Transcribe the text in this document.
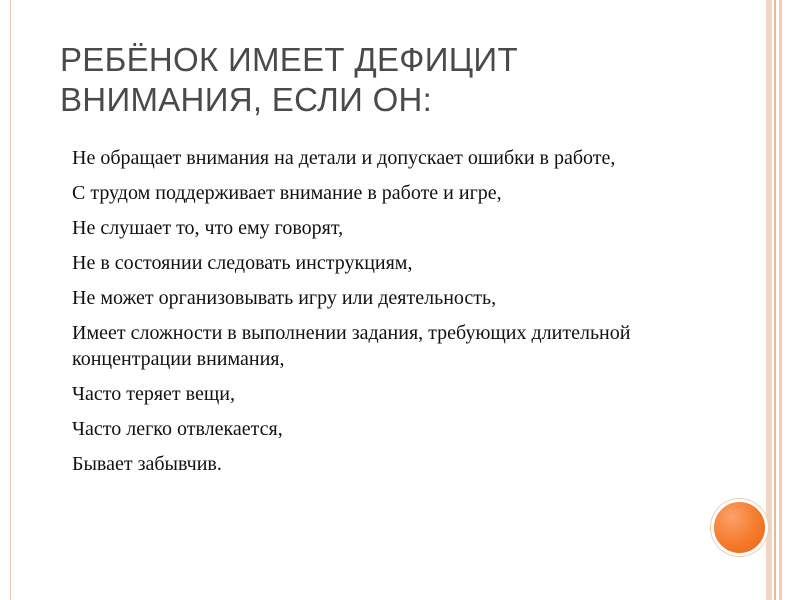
РЕБЁНОК ИМЕЕТ ДЕФИЦИТ
ВНИМАНИЯ, ЕСЛИ ОН:
Не обращает внимания на детали и допускает ошибки в работе,
С трудом поддерживает внимание в работе и игре,
Не слушает то, что ему говорят,
Не в состоянии следовать инструкциям,
Не может организовывать игру или деятельность,
Имеет сложности в выполнении задания, требующих длительной концентрации внимания,
Часто теряет вещи,
Часто легко отвлекается,
Бывает забывчив.
